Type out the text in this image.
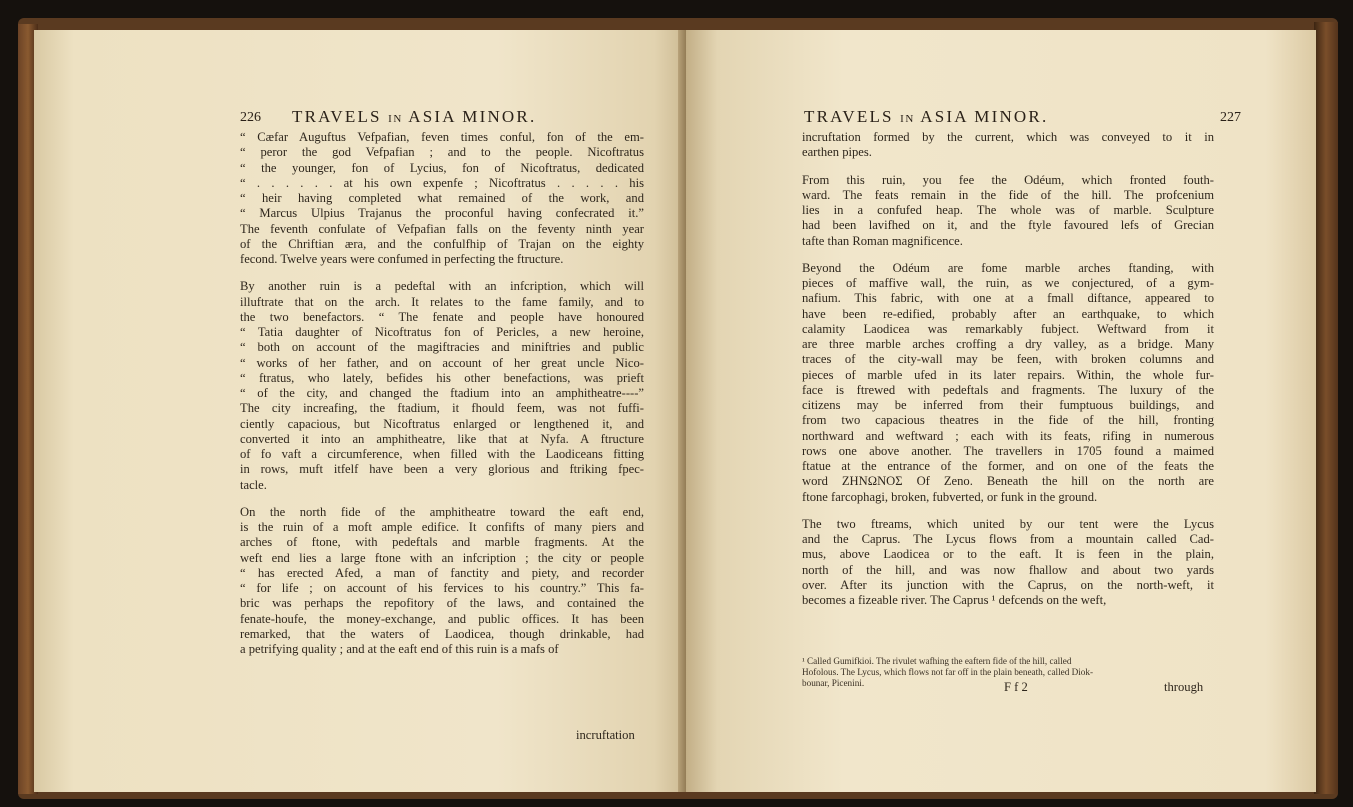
226 TRAVELS IN ASIA MINOR.
“ Cæfar Auguftus Vefpafian, feven times conful, fon of the em-
“ peror the god Vefpafian ; and to the people. Nicoftratus
“ the younger, fon of Lycius, fon of Nicoftratus, dedicated
“ . . . . . . at his own expenfe ; Nicoftratus . . . . . his
“ heir having completed what remained of the work, and
“ Marcus Ulpius Trajanus the proconful having confecrated it.”
The feventh confulate of Vefpafian falls on the feventy ninth year
of the Chriftian æra, and the confulfhip of Trajan on the eighty
fecond. Twelve years were confumed in perfecting the ftructure.
By another ruin is a pedeftal with an infcription, which will
illuftrate that on the arch. It relates to the fame family, and to
the two benefactors. “ The fenate and people have honoured
“ Tatia daughter of Nicoftratus fon of Pericles, a new heroine,
“ both on account of the magiftracies and miniftries and public
“ works of her father, and on account of her great uncle Nico-
“ ftratus, who lately, befides his other benefactions, was prieft
“ of the city, and changed the ftadium into an amphitheatre----”
The city increafing, the ftadium, it fhould feem, was not fuffi-
ciently capacious, but Nicoftratus enlarged or lengthened it, and
converted it into an amphitheatre, like that at Nyfa. A ftructure
of fo vaft a circumference, when filled with the Laodiceans fitting
in rows, muft itfelf have been a very glorious and ftriking fpec-
tacle.
On the north fide of the amphitheatre toward the eaft end,
is the ruin of a moft ample edifice. It confifts of many piers and
arches of ftone, with pedeftals and marble fragments. At the
weft end lies a large ftone with an infcription ; the city or people
“ has erected Afed, a man of fanctity and piety, and recorder
“ for life ; on account of his fervices to his country.” This fa-
bric was perhaps the repofitory of the laws, and contained the
fenate-houfe, the money-exchange, and public offices. It has been
remarked, that the waters of Laodicea, though drinkable, had
a petrifying quality ; and at the eaft end of this ruin is a mafs of
incruftation
TRAVELS IN ASIA MINOR.	227
incruftation formed by the current, which was conveyed to it in
earthen pipes.
From this ruin, you fee the Odéum, which fronted fouth-
ward. The feats remain in the fide of the hill. The profcenium
lies in a confufed heap. The whole was of marble. Sculpture
had been lavifhed on it, and the ftyle favoured lefs of Grecian
tafte than Roman magnificence.
Beyond the Odéum are fome marble arches ftanding, with
pieces of maffive wall, the ruin, as we conjectured, of a gym-
nafium. This fabric, with one at a fmall diftance, appeared to
have been re-edified, probably after an earthquake, to which
calamity Laodicea was remarkably fubject. Weftward from it
are three marble arches croffing a dry valley, as a bridge. Many
traces of the city-wall may be feen, with broken columns and
pieces of marble ufed in its later repairs. Within, the whole fur-
face is ftrewed with pedeftals and fragments. The luxury of the
citizens may be inferred from their fumptuous buildings, and
from two capacious theatres in the fide of the hill, fronting
northward and weftward ; each with its feats, rifing in numerous
rows one above another. The travellers in 1705 found a maimed
ftatue at the entrance of the former, and on one of the feats the
word ΖΗΝΩΝΟΣ Of Zeno. Beneath the hill on the north are
ftone farcophagi, broken, fubverted, or funk in the ground.
The two ftreams, which united by our tent were the Lycus
and the Caprus. The Lycus flows from a mountain called Cad-
mus, above Laodicea or to the eaft. It is feen in the plain,
north of the hill, and was now fhallow and about two yards
over. After its junction with the Caprus, on the north-weft, it
becomes a fizeable river. The Caprus ¹ defcends on the weft,
¹ Called Gumifkioi. The rivulet wafhing the eaftern fide of the hill, called
Hofolous. The Lycus, which flows not far off in the plain beneath, called Diok-
bounar, Picenini.	F f 2	through
